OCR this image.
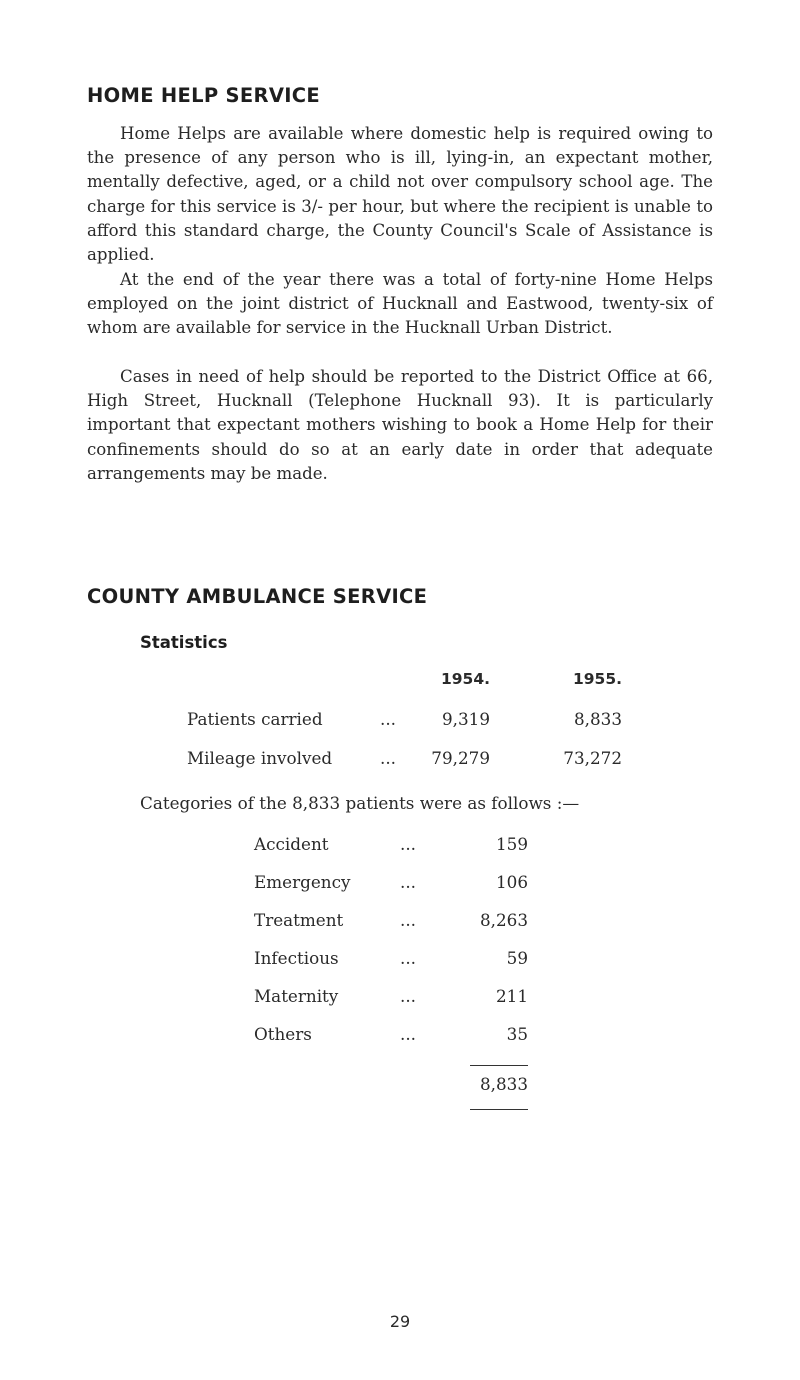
HOME HELP SERVICE

Home Helps are available where domestic help is required owing to the presence of any person who is ill, lying-in, an expectant mother, mentally defective, aged, or a child not over compulsory school age. The charge for this service is 3/- per hour, but where the recipient is unable to afford this standard charge, the County Council's Scale of Assistance is applied.

At the end of the year there was a total of forty-nine Home Helps employed on the joint district of Hucknall and Eastwood, twenty-six of whom are available for service in the Hucknall Urban District.

Cases in need of help should be reported to the District Office at 66, High Street, Hucknall (Telephone Hucknall 93). It is particularly important that expectant mothers wishing to book a Home Help for their confinements should do so at an early date in order that adequate arrangements may be made.

COUNTY AMBULANCE SERVICE
Statistics
1954.	1955.
Patients carried	...	9,319	8,833
Mileage involved	... 79,279	73,272
Categories of the 8,833 patients were as follows :—
Accident	...	159
Emergency	...	106
Treatment	...	8,263
Infectious	...	59
Maternity	...	211
Others	...	35
8,833
29
